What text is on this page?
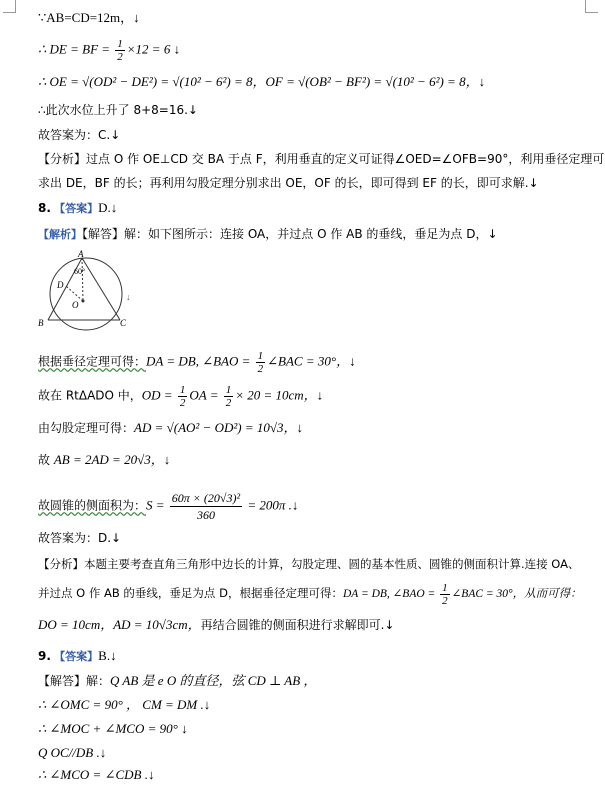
∵AB=CD=12m，↓
∴ DE = BF = $\frac{1}{2} \times 12 = 6$ ↓
∴ OE = √(OD² − DE²) = √(10² − 6²) = 8，OF = √(OB² − BF²) = √(10² − 6²) = 8，↓
∴此次水位上升了 8+8=16.↓
故答案为：C.↓
【分析】过点 O 作 OE⊥CD 交 BA 于点 F，利用垂直的定义可证得∠OED=∠OFB=90°，利用垂径定理可
求出 DE，BF 的长；再利用勾股定理分别求出 OE，OF 的长，即可得到 EF 的长，即可求解.↓
8. 【答案】D.↓
【解析】【解答】解：如下图所示：连接 OA，并过点 O 作 AB 的垂线，垂足为点 D，↓
A
60°
D
O
B	C
↓
根据垂径定理可得：DA = DB, ∠BAO = $\frac{1}{2}$ ∠BAC = 30°，↓
故在 RtΔADO 中，OD = $\frac{1}{2}$ OA = $\frac{1}{2} \times 20 = 10cm$，↓
由勾股定理可得：AD = √(AO² − OD²) = 10√3，↓
故 AB = 2AD = 20√3，↓
故圆锥的侧面积为：$S = \frac{\text{60π × (20√3)²}}{360} = 200\pi$ .↓
故答案为：D.↓
【分析】本题主要考查直角三角形中边长的计算，勾股定理、圆的基本性质、圆锥的侧面积计算.连接 OA、
并过点 O 作 AB 的垂线，垂足为点 D，根据垂径定理可得：DA = DB, ∠BAO = $\frac{1}{2}$ ∠BAC = 30°，从而可得：
DO = 10cm，AD = 10√3cm，再结合圆锥的侧面积进行求解即可.↓
9. 【答案】B.↓
【解答】解：Q AB 是 e O 的直径，弦 CD ⊥ AB ，
∴ ∠OMC = 90° ， CM = DM .↓
∴ ∠MOC + ∠MCO = 90° ↓
Q OC//DB .↓
∴ ∠MCO = ∠CDB .↓
